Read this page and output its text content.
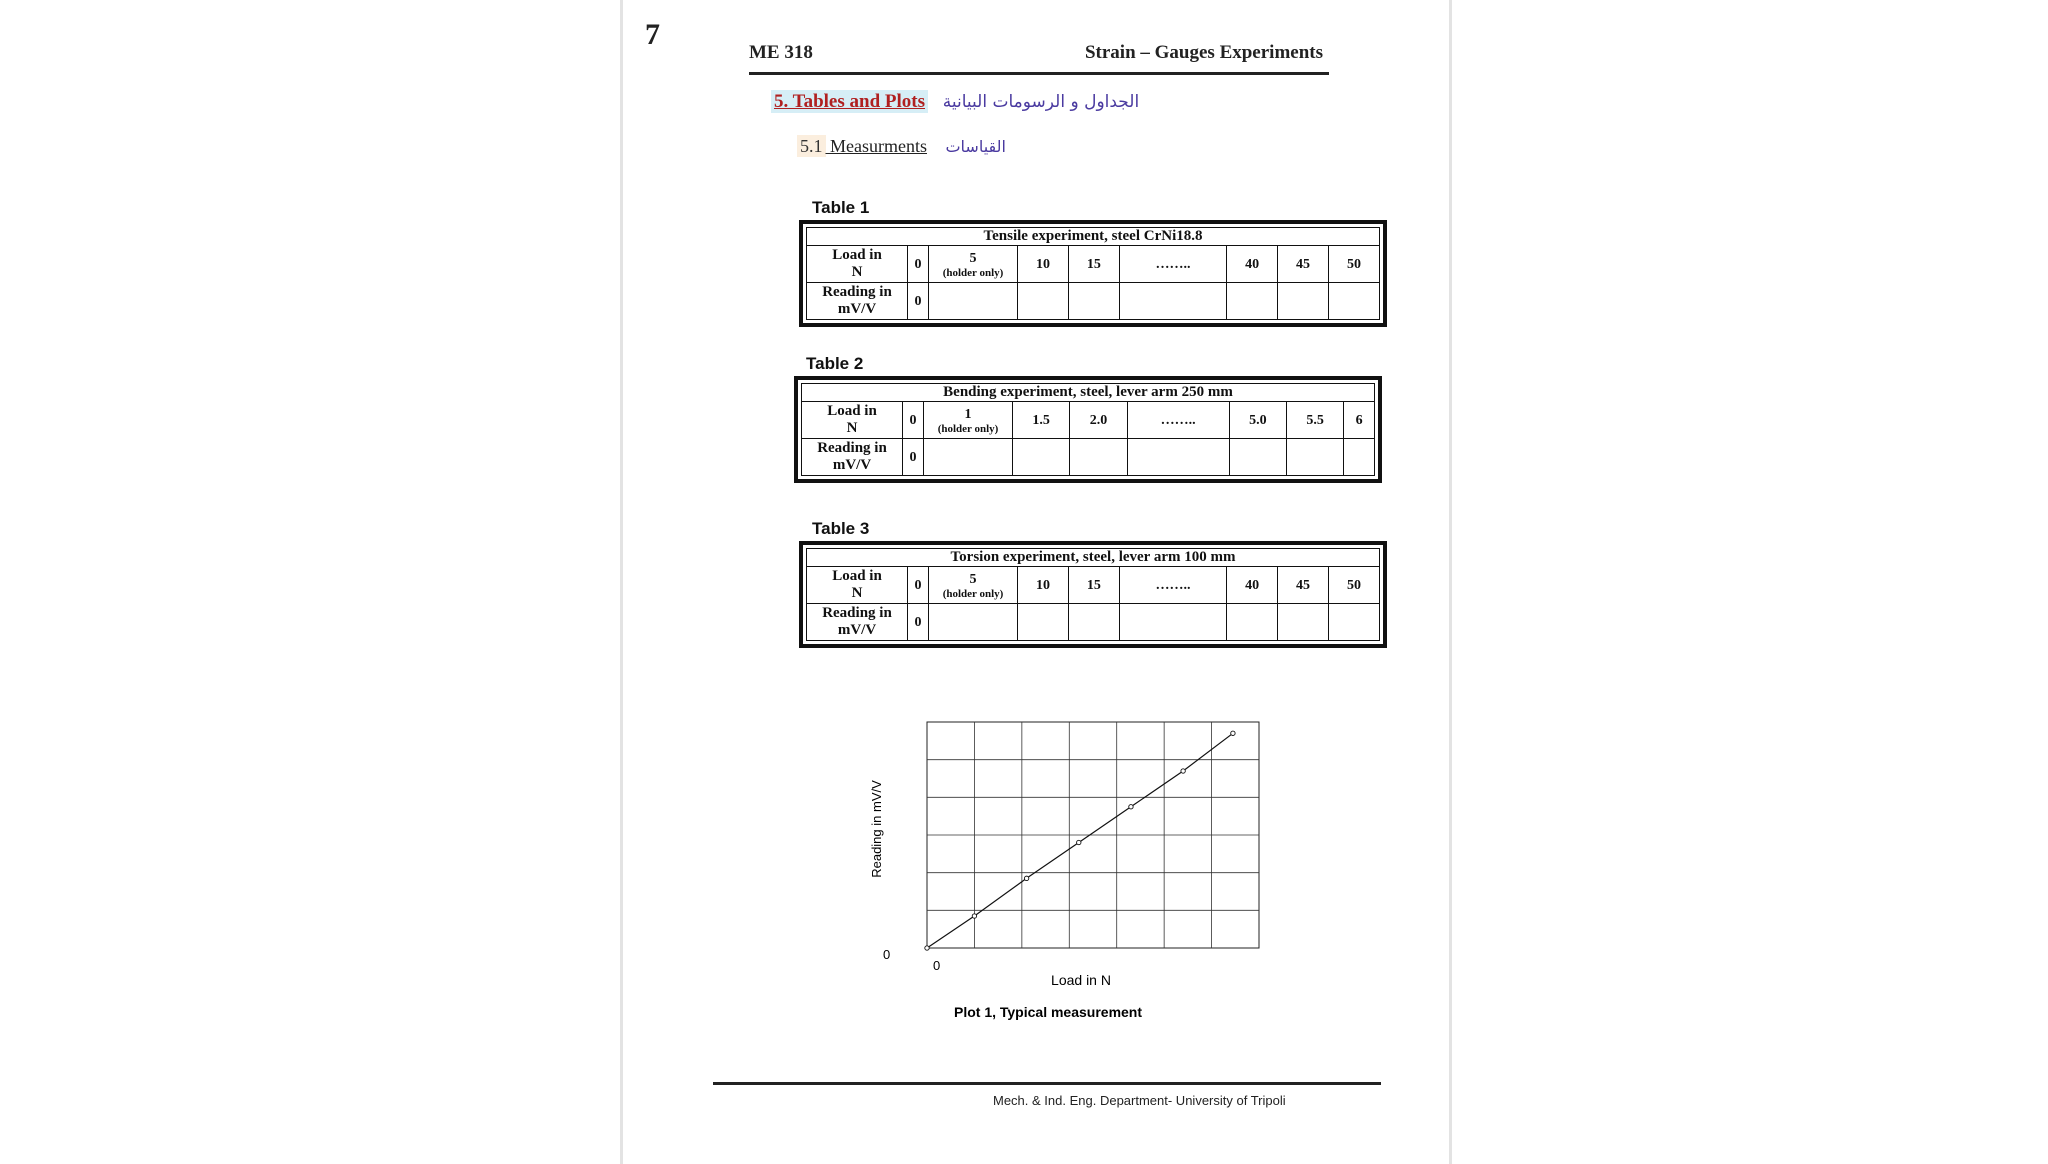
7
ME 318	Strain – Gauges Experiments
5. Tables and Plots الجداول و الرسومات البيانية
5.1 Measurments القياسات
Table 1
Tensile experiment, steel CrNi18.8								
Load in
N	0	5
(holder only)	10	15	……..	40	45	50
Reading in
mV/V	0							
Table 2
Bending experiment, steel, lever arm 250 mm								
Load in
N	0	1
(holder only)	1.5	2.0	……..	5.0	5.5	6
Reading in
mV/V	0							
Table 3
Torsion experiment, steel, lever arm 100 mm								
Load in
N	0	5
(holder only)	10	15	……..	40	45	50
Reading in
mV/V	0							
Reading in mV/V
0
0
Load in N
Plot 1, Typical measurement
Mech. & Ind. Eng. Department- University of Tripoli
